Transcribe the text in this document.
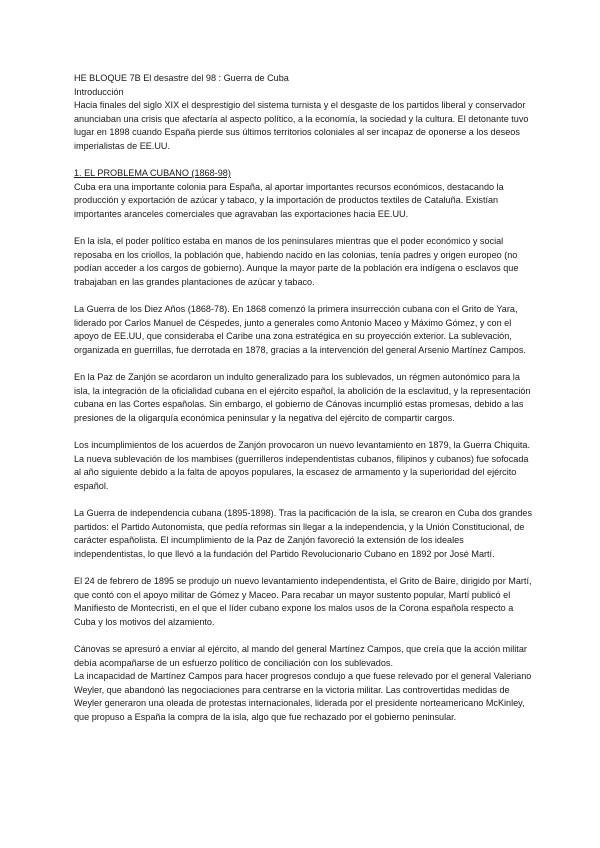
HE BLOQUE 7B El desastre del 98 : Guerra de Cuba

Introducción

Hacia finales del siglo XIX el desprestigio del sistema turnista y el desgaste de los partidos liberal y conservador anunciaban una crisis que afectaría al aspecto político, a la economía, la sociedad y la cultura. El detonante tuvo lugar en 1898 cuando España pierde sus últimos territorios coloniales al ser incapaz de oponerse a los deseos imperialistas de EE.UU.

1. EL PROBLEMA CUBANO (1868-98)

Cuba era una importante colonia para España, al aportar importantes recursos económicos, destacando la producción y exportación de azúcar y tabaco, y la importación de productos textiles de Cataluña. Existían importantes aranceles comerciales que agravaban las exportaciones hacia EE.UU.

En la isla, el poder político estaba en manos de los peninsulares mientras que el poder económico y social reposaba en los criollos, la población que, habiendo nacido en las colonias, tenía padres y origen europeo (no podían acceder a los cargos de gobierno). Aunque la mayor parte de la población era indígena o esclavos que trabajaban en las grandes plantaciones de azúcar y tabaco.

La Guerra de los Diez Años (1868-78). En 1868 comenzó la primera insurrección cubana con el Grito de Yara, liderado por Carlos Manuel de Céspedes, junto a generales como Antonio Maceo y Máximo Gómez, y con el apoyo de EE.UU, que consideraba el Caribe una zona estratégica en su proyección exterior. La sublevación, organizada en guerrillas, fue derrotada en 1878, gracias a la intervención del general Arsenio Martínez Campos.

En la Paz de Zanjón se acordaron un indulto generalizado para los sublevados, un régmen autonómico para la isla, la integración de la oficialidad cubana en el ejército español, la abolición de la esclavitud, y la representación cubana en las Cortes españolas. Sin embargo, el gobierno de Cánovas incumplió estas promesas, debido a las presiones de la oligarquía económica peninsular y la negativa del ejército de compartir cargos.

Los incumplimientos de los acuerdos de Zanjón provocaron un nuevo levantamiento en 1879, la Guerra Chiquita. La nueva sublevación de los mambises (guerrilleros independentistas cubanos, filipinos y cubanos) fue sofocada al año siguiente debido a la falta de apoyos populares, la escasez de armamento y la superioridad del ejército español.

La Guerra de independencia cubana (1895-1898). Tras la pacificación de la isla, se crearon en Cuba dos grandes partidos: el Partido Autonomista, que pedía reformas sin llegar a la independencia, y la Unión Constitucional, de carácter españolista. El incumplimiento de la Paz de Zanjón favoreció la extensión de los ideales independentistas, lo que llevó a la fundación del Partido Revolucionario Cubano en 1892 por José Martí.

El 24 de febrero de 1895 se produjo un nuevo levantamiento independentista, el Grito de Baire, dirigido por Martí, que contó con el apoyo militar de Gómez y Maceo. Para recabar un mayor sustento popular, Martí publicó el Manifiesto de Montecristi, en el que el líder cubano expone los malos usos de la Corona española respecto a Cuba y los motivos del alzamiento.

Cánovas se apresuró a enviar al ejército, al mando del general Martínez Campos, que creía que la acción militar debía acompañarse de un esfuerzo político de conciliación con los sublevados.

La incapacidad de Martínez Campos para hacer progresos condujo a que fuese relevado por el general Valeriano Weyler, que abandonó las negociaciones para centrarse en la victoria militar. Las controvertidas medidas de Weyler generaron una oleada de protestas internacionales, liderada por el presidente norteamericano McKinley, que propuso a España la compra de la isla, algo que fue rechazado por el gobierno peninsular.
